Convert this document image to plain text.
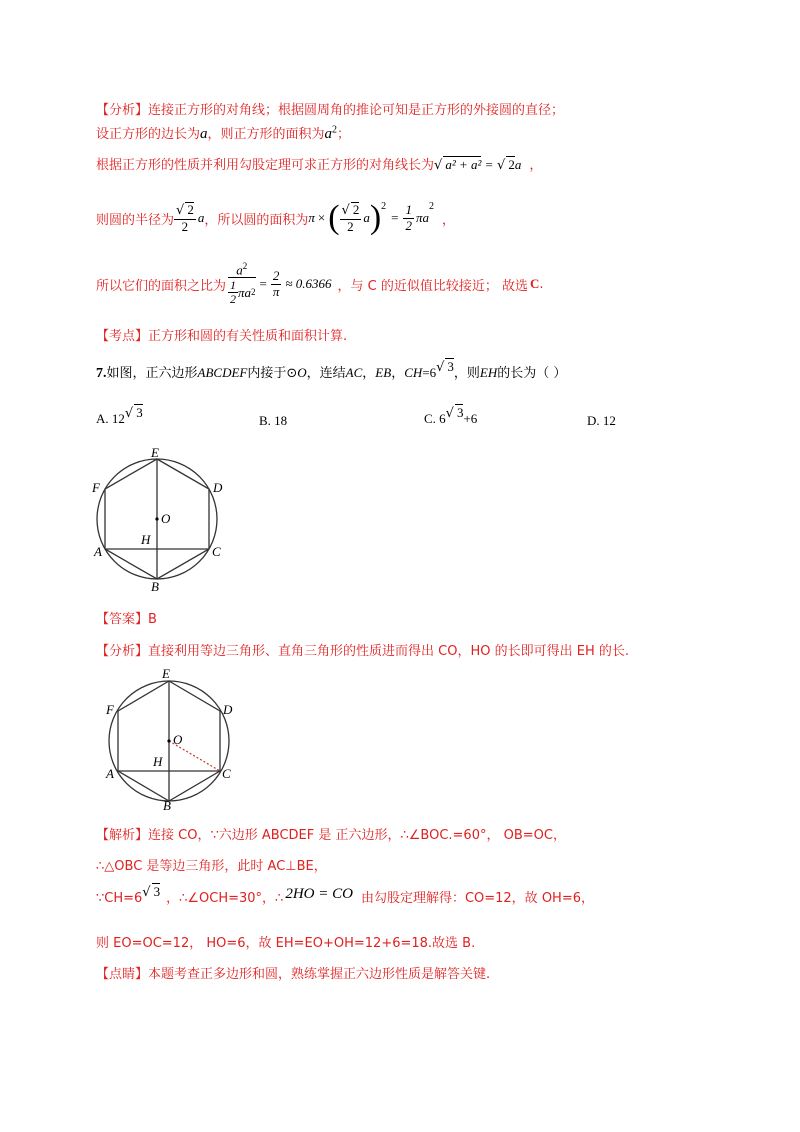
【分析】连接正方形的对角线；根据圆周角的推论可知是正方形的外接圆的直径；
设正方形的边长为a，则正方形的面积为$a^2$；
根据正方形的性质并利用勾股定理可求正方形的对角线长为√ a² + a² = √ 2a ，
则圆的半径为 $\frac{√ 2}{2}$ a ，所以圆的面积为 π × ( $\frac{√ 2}{2}$ a )$^2$
= $\frac{1}{2}$ π a
$^2$
，
所以它们的面积之比为 $\frac{a^2}{\frac{1}{2} \pi a 2} = \frac{2}{\pi} \approx 0.6366$ ，与 C 的近似值比较接近； 故选 C .
【考点】正方形和圆的有关性质和面积计算.
7.如图，正六边形ABCDEF内接于⊙O，连结AC，EB，CH=6√ 3，则EH的长为（ ）
A. 12√ 3
B. 18	C. 6√ 3+6	D. 12
E
F	D
O
H
A	C
B
【答案】B
【分析】直接利用等边三角形、直角三角形的性质进而得出 CO，HO 的长即可得出 EH 的长.
E
F	D
O
H
A	C
B
【解析】连接 CO，∵六边形 ABCDEF 是 正六边形，∴∠BOC.=60°， OB=OC，
∴△OBC 是等边三角形，此时 AC⊥BE，
∵CH=6√ 3 ，∴∠OCH=30°，∴ 2HO = CO 由勾股定理解得：CO=12，故 OH=6，
则 EO=OC=12， HO=6，故 EH=EO+OH=12+6=18.故选 B.
【点睛】本题考查正多边形和圆，熟练掌握正六边形性质是解答关键.
